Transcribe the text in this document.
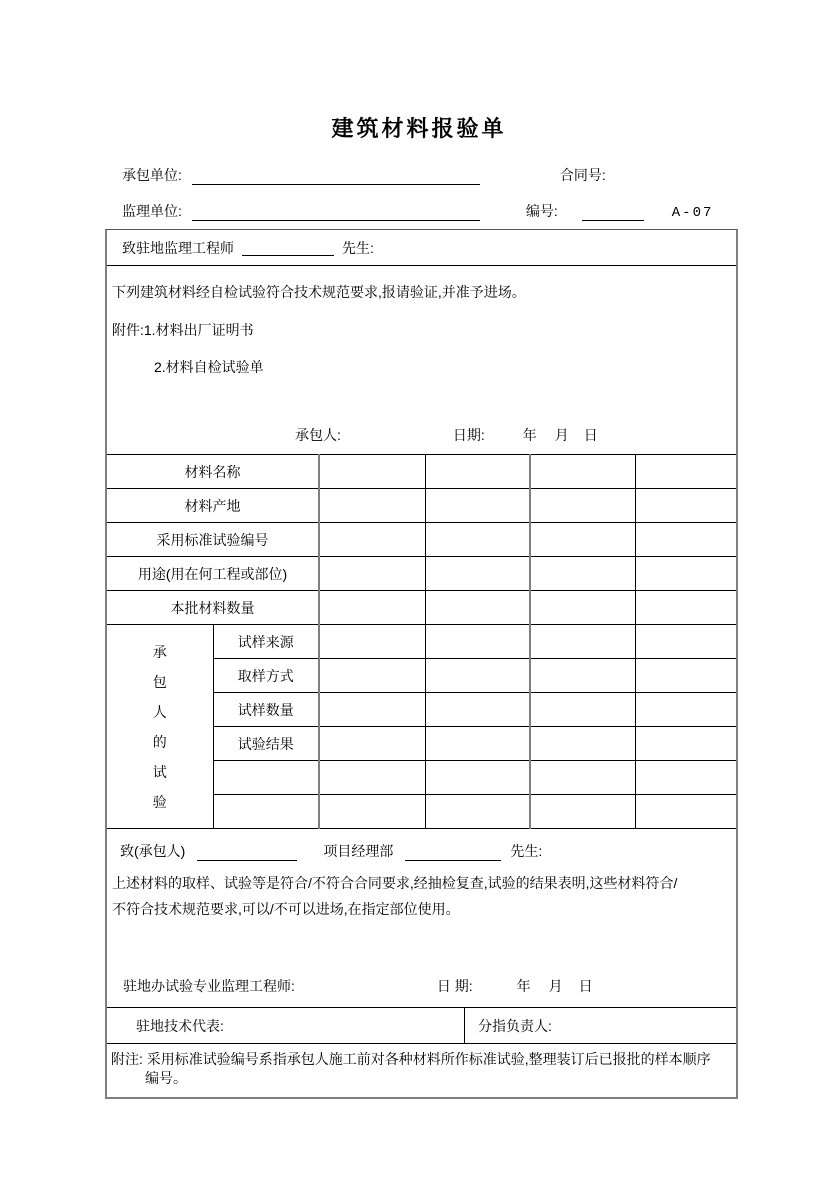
建筑材料报验单
承包单位:	合同号:
监理单位:	编号:	A-07
致驻地监理工程师	先生:
下列建筑材料经自检试验符合技术规范要求,报请验证,并准予进场。
附件:1.材料出厂证明书
2.材料自检试验单
承包人:	日期:	年 月 日
材料名称					
材料产地					
采用标准试验编号					
用途(用在何工程或部位)					
本批材料数量					

承包人的试验	试样来源				
	取样方式				
	试样数量				
	试验结果				

致(承包人)	项目经理部	先生:
上述材料的取样、试验等是符合/不符合合同要求,经抽检复查,试验的结果表明,这些材料符合/
不符合技术规范要求,可以/不可以进场,在指定部位使用。
驻地办试验专业监理工程师:	日 期:	年 月 日
驻地技术代表:	分指负责人:
附注: 采用标准试验编号系指承包人施工前对各种材料所作标准试验,整理装订后已报批的样本顺序
编号。
